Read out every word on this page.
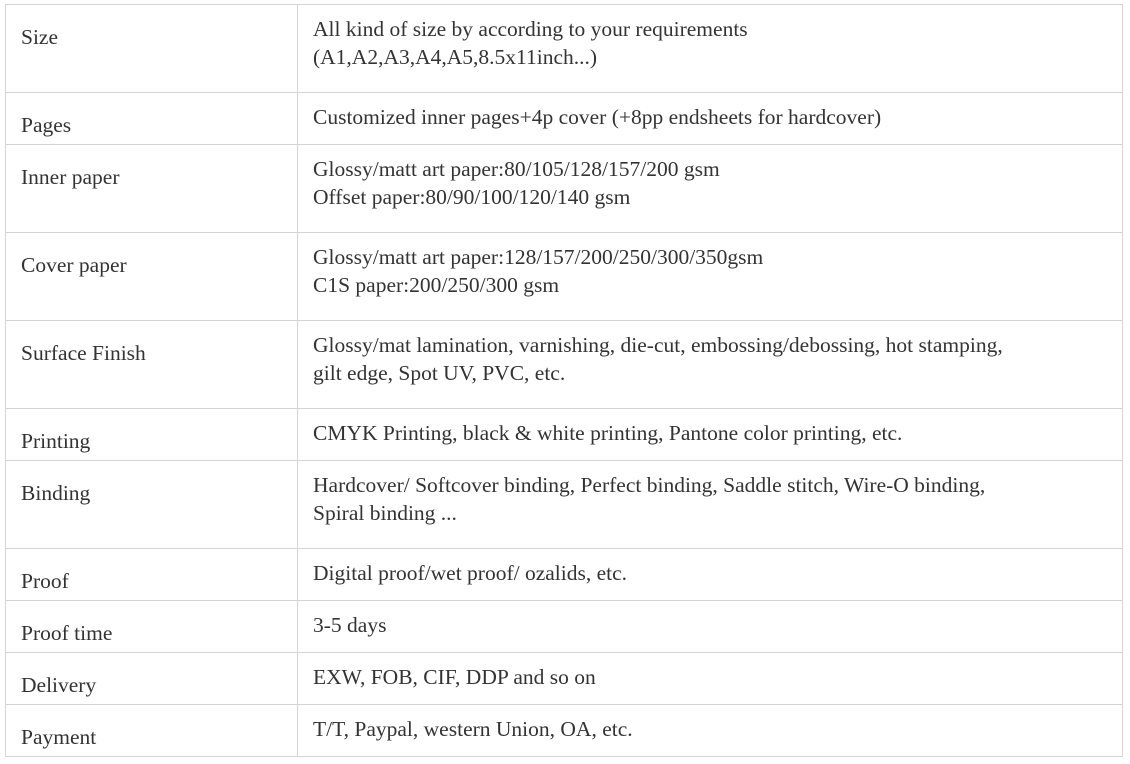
Size	All kind of size by according to your requirements
(A1,A2,A3,A4,A5,8.5x11inch...)

Pages	Customized inner pages+4p cover (+8pp endsheets for hardcover)

Inner paper	Glossy/matt art paper:80/105/128/157/200 gsm
Offset paper:80/90/100/120/140 gsm

Cover paper	Glossy/matt art paper:128/157/200/250/300/350gsm
C1S paper:200/250/300 gsm

Surface Finish	Glossy/mat lamination, varnishing, die-cut, embossing/debossing, hot stamping,
gilt edge, Spot UV, PVC, etc.

Printing	CMYK Printing, black & white printing, Pantone color printing, etc.

Binding	Hardcover/ Softcover binding, Perfect binding, Saddle stitch, Wire-O binding,
Spiral binding ...

Proof	Digital proof/wet proof/ ozalids, etc.

Proof time	3-5 days

Delivery	EXW, FOB, CIF, DDP and so on

Payment	T/T, Paypal, western Union, OA, etc.
